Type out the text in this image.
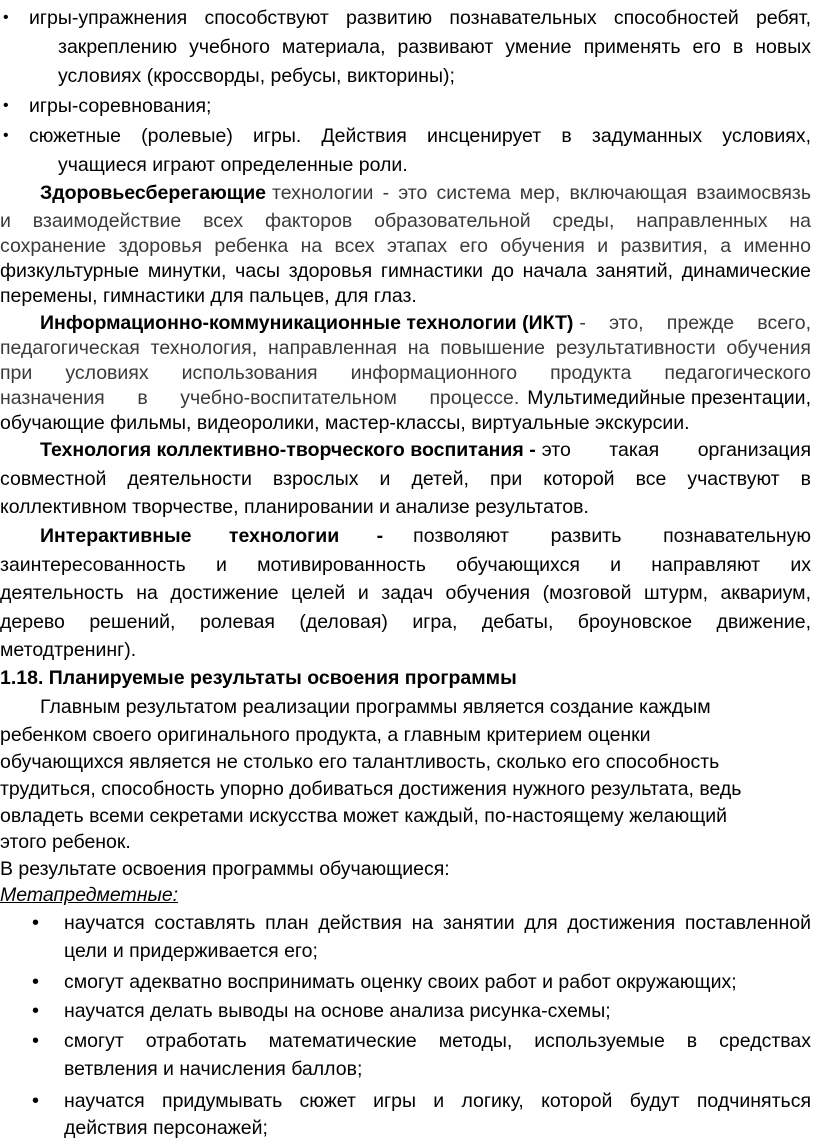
• игры-упражнения способствуют развитию познавательных способностей ребят,
закреплению учебного материала, развивают умение применять его в новых
условиях (кроссворды, ребусы, викторины);
• игры-соревнования;
• сюжетные (ролевые) игры. Действия инсценирует в задуманных условиях,
учащиеся играют определенные роли.
Здоровьесберегающие технологии - это система мер, включающая взаимосвязь
и взаимодействие всех факторов образовательной среды, направленных на
сохранение здоровья ребенка на всех этапах его обучения и развития, а именно
физкультурные минутки, часы здоровья гимнастики до начала занятий, динамические
перемены, гимнастики для пальцев, для глаз.
Информационно-коммуникационные технологии (ИКТ) - это, прежде всего,
педагогическая технология, направленная на повышение результативности обучения
при условиях использования информационного продукта педагогического
назначения в учебно-воспитательном процессе. Мультимедийные презентации,
обучающие фильмы, видеоролики, мастер-классы, виртуальные экскурсии.
Технология коллективно-творческого воспитания - это такая организация
совместной деятельности взрослых и детей, при которой все участвуют в
коллективном творчестве, планировании и анализе результатов.
Интерактивные технологии - позволяют развить познавательную
заинтересованность и мотивированность обучающихся и направляют их
деятельность на достижение целей и задач обучения (мозговой штурм, аквариум,
дерево решений, ролевая (деловая) игра, дебаты, броуновское движение,
методтренинг).
1.18. Планируемые результаты освоения программы
Главным результатом реализации программы является создание каждым
ребенком своего оригинального продукта, а главным критерием оценки
обучающихся является не столько его талантливость, сколько его способность
трудиться, способность упорно добиваться достижения нужного результата, ведь
овладеть всеми секретами искусства может каждый, по-настоящему желающий
этого ребенок.
В результате освоения программы обучающиеся:
Метапредметные:
• научатся составлять план действия на занятии для достижения поставленной
цели и придерживается его;
• смогут адекватно воспринимать оценку своих работ и работ окружающих;
• научатся делать выводы на основе анализа рисунка-схемы;
• смогут отработать математические методы, используемые в средствах
ветвления и начисления баллов;
• научатся придумывать сюжет игры и логику, которой будут подчиняться
действия персонажей;
